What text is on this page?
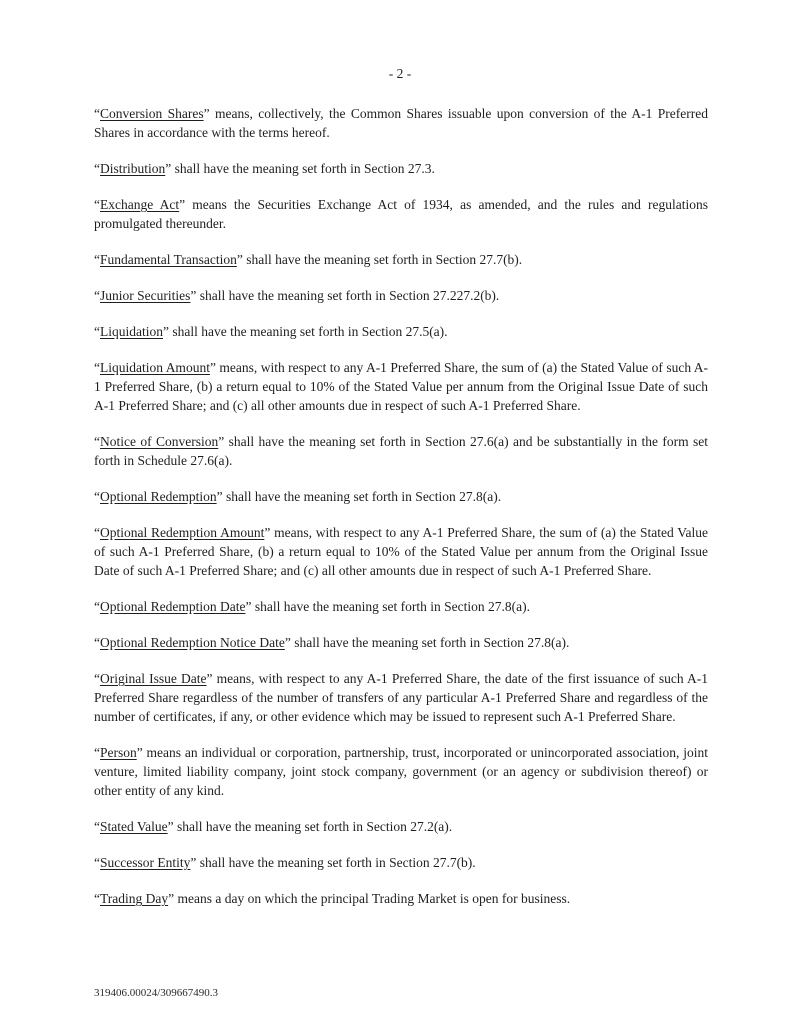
- 2 -

“Conversion Shares” means, collectively, the Common Shares issuable upon conversion of the A-1 Preferred Shares in accordance with the terms hereof.

“Distribution” shall have the meaning set forth in Section 27.3.

“Exchange Act” means the Securities Exchange Act of 1934, as amended, and the rules and regulations promulgated thereunder.

“Fundamental Transaction” shall have the meaning set forth in Section 27.7(b).

“Junior Securities” shall have the meaning set forth in Section 27.227.2(b).

“Liquidation” shall have the meaning set forth in Section 27.5(a).

“Liquidation Amount” means, with respect to any A-1 Preferred Share, the sum of (a) the Stated Value of such A-1 Preferred Share, (b) a return equal to 10% of the Stated Value per annum from the Original Issue Date of such A-1 Preferred Share; and (c) all other amounts due in respect of such A-1 Preferred Share.

“Notice of Conversion” shall have the meaning set forth in Section 27.6(a) and be substantially in the form set forth in Schedule 27.6(a).

“Optional Redemption” shall have the meaning set forth in Section 27.8(a).

“Optional Redemption Amount” means, with respect to any A-1 Preferred Share, the sum of (a) the Stated Value of such A-1 Preferred Share, (b) a return equal to 10% of the Stated Value per annum from the Original Issue Date of such A-1 Preferred Share; and (c) all other amounts due in respect of such A-1 Preferred Share.

“Optional Redemption Date” shall have the meaning set forth in Section 27.8(a).

“Optional Redemption Notice Date” shall have the meaning set forth in Section 27.8(a).

“Original Issue Date” means, with respect to any A-1 Preferred Share, the date of the first issuance of such A-1 Preferred Share regardless of the number of transfers of any particular A-1 Preferred Share and regardless of the number of certificates, if any, or other evidence which may be issued to represent such A-1 Preferred Share.

“Person” means an individual or corporation, partnership, trust, incorporated or unincorporated association, joint venture, limited liability company, joint stock company, government (or an agency or subdivision thereof) or other entity of any kind.

“Stated Value” shall have the meaning set forth in Section 27.2(a).

“Successor Entity” shall have the meaning set forth in Section 27.7(b).

“Trading Day” means a day on which the principal Trading Market is open for business.

319406.00024/309667490.3
